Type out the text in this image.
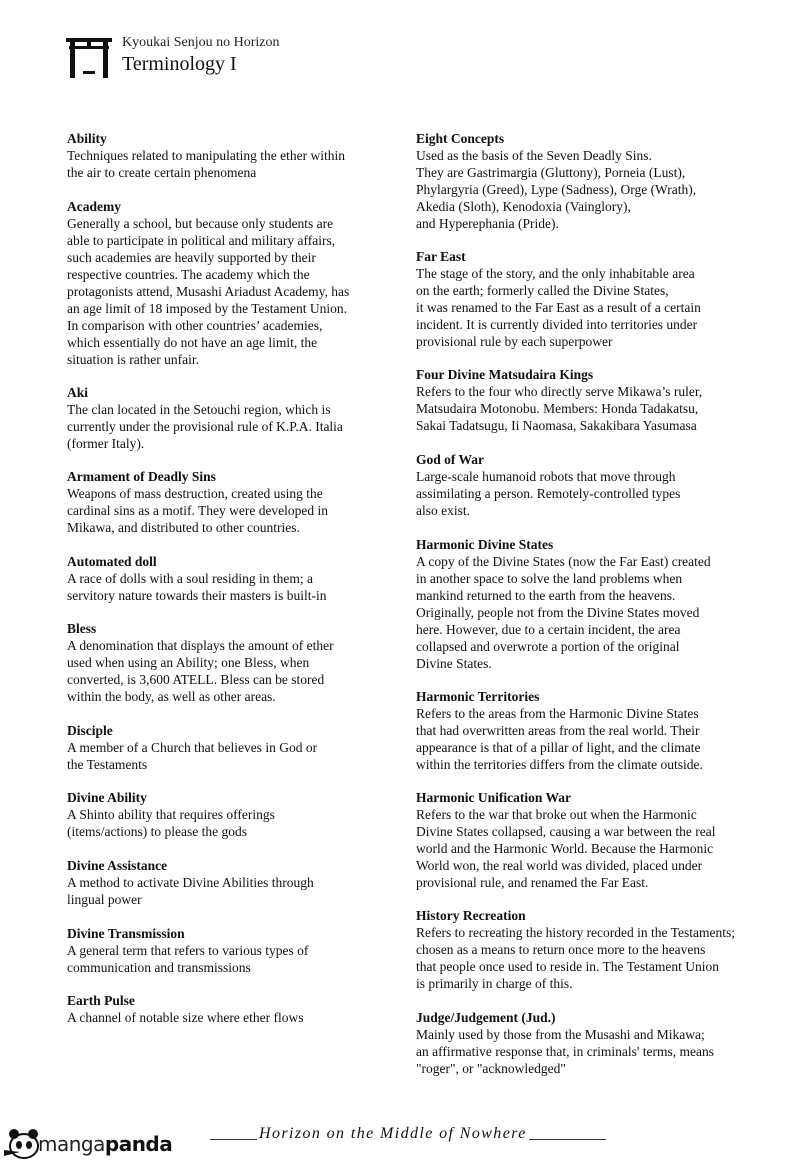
Kyoukai Senjou no Horizon
Terminology I
Ability
Techniques related to manipulating the ether within
the air to create certain phenomena
Academy
Generally a school, but because only students are
able to participate in political and military affairs,
such academies are heavily supported by their
respective countries. The academy which the
protagonists attend, Musashi Ariadust Academy, has
an age limit of 18 imposed by the Testament Union.
In comparison with other countries’ academies,
which essentially do not have an age limit, the
situation is rather unfair.
Aki
The clan located in the Setouchi region, which is
currently under the provisional rule of K.P.A. Italia
(former Italy).
Armament of Deadly Sins
Weapons of mass destruction, created using the
cardinal sins as a motif. They were developed in
Mikawa, and distributed to other countries.
Automated doll
A race of dolls with a soul residing in them; a
servitory nature towards their masters is built-in
Bless
A denomination that displays the amount of ether
used when using an Ability; one Bless, when
converted, is 3,600 ATELL. Bless can be stored
within the body, as well as other areas.
Disciple
A member of a Church that believes in God or
the Testaments
Divine Ability
A Shinto ability that requires offerings
(items/actions) to please the gods
Divine Assistance
A method to activate Divine Abilities through
lingual power
Divine Transmission
A general term that refers to various types of
communication and transmissions
Earth Pulse
A channel of notable size where ether flows
Eight Concepts
Used as the basis of the Seven Deadly Sins.
They are Gastrimargia (Gluttony), Porneia (Lust),
Phylargyria (Greed), Lype (Sadness), Orge (Wrath),
Akedia (Sloth), Kenodoxia (Vainglory),
and Hyperephania (Pride).
Far East
The stage of the story, and the only inhabitable area
on the earth; formerly called the Divine States,
it was renamed to the Far East as a result of a certain
incident. It is currently divided into territories under
provisional rule by each superpower
Four Divine Matsudaira Kings
Refers to the four who directly serve Mikawa’s ruler,
Matsudaira Motonobu. Members: Honda Tadakatsu,
Sakai Tadatsugu, Ii Naomasa, Sakakibara Yasumasa
God of War
Large-scale humanoid robots that move through
assimilating a person. Remotely-controlled types
also exist.
Harmonic Divine States
A copy of the Divine States (now the Far East) created
in another space to solve the land problems when
mankind returned to the earth from the heavens.
Originally, people not from the Divine States moved
here. However, due to a certain incident, the area
collapsed and overwrote a portion of the original
Divine States.
Harmonic Territories
Refers to the areas from the Harmonic Divine States
that had overwritten areas from the real world. Their
appearance is that of a pillar of light, and the climate
within the territories differs from the climate outside.
Harmonic Unification War
Refers to the war that broke out when the Harmonic
Divine States collapsed, causing a war between the real
world and the Harmonic World. Because the Harmonic
World won, the real world was divided, placed under
provisional rule, and renamed the Far East.
History Recreation
Refers to recreating the history recorded in the Testaments;
chosen as a means to return once more to the heavens
that people once used to reside in. The Testament Union
is primarily in charge of this.
Judge/Judgement (Jud.)
Mainly used by those from the Musashi and Mikawa;
an affirmative response that, in criminals' terms, means
"roger", or "acknowledged"
mangapanda	Horizon on the Middle of Nowhere
